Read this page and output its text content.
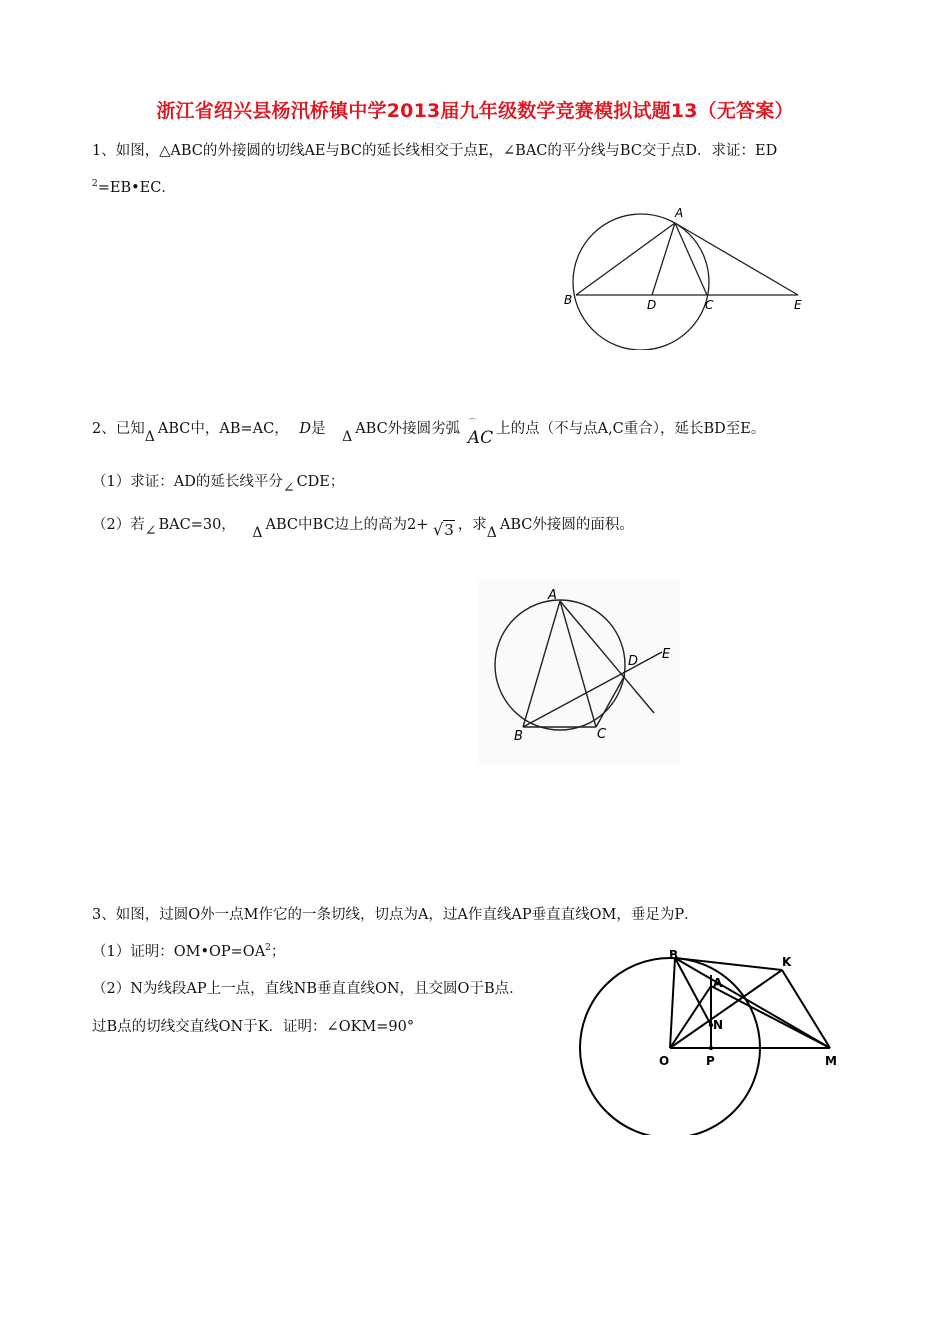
浙江省绍兴县杨汛桥镇中学2013届九年级数学竞赛模拟试题13（无答案）
1、如图，△ABC的外接圆的切线AE与BC的延长线相交于点E，∠BAC的平分线与BC交于点D．求证：ED
$^2$=EB•EC．
A
B	D	C	E
2、已知Δ ABC中，AB=AC， D是 Δ ABC外接圆劣弧 ⌒
AC 上的点（不与点A,C重合），延长BD至E。
（1）求证：AD的延长线平分∠ CDE；
（2）若∠ BAC=30， Δ ABC中BC边上的高为2+ √3 ，求Δ ABC外接圆的面积。
A
B	C
D E
3、如图，过圆O外一点M作它的一条切线，切点为A，过A作直线AP垂直直线OM，垂足为P．
（1）证明：$OM•OP=OA^2$；
（2）N为线段AP上一点，直线NB垂直直线ON，且交圆O于B点．
过B点的切线交直线ON于K．证明：∠OKM=90°
B	K
A
N
O	P	M
